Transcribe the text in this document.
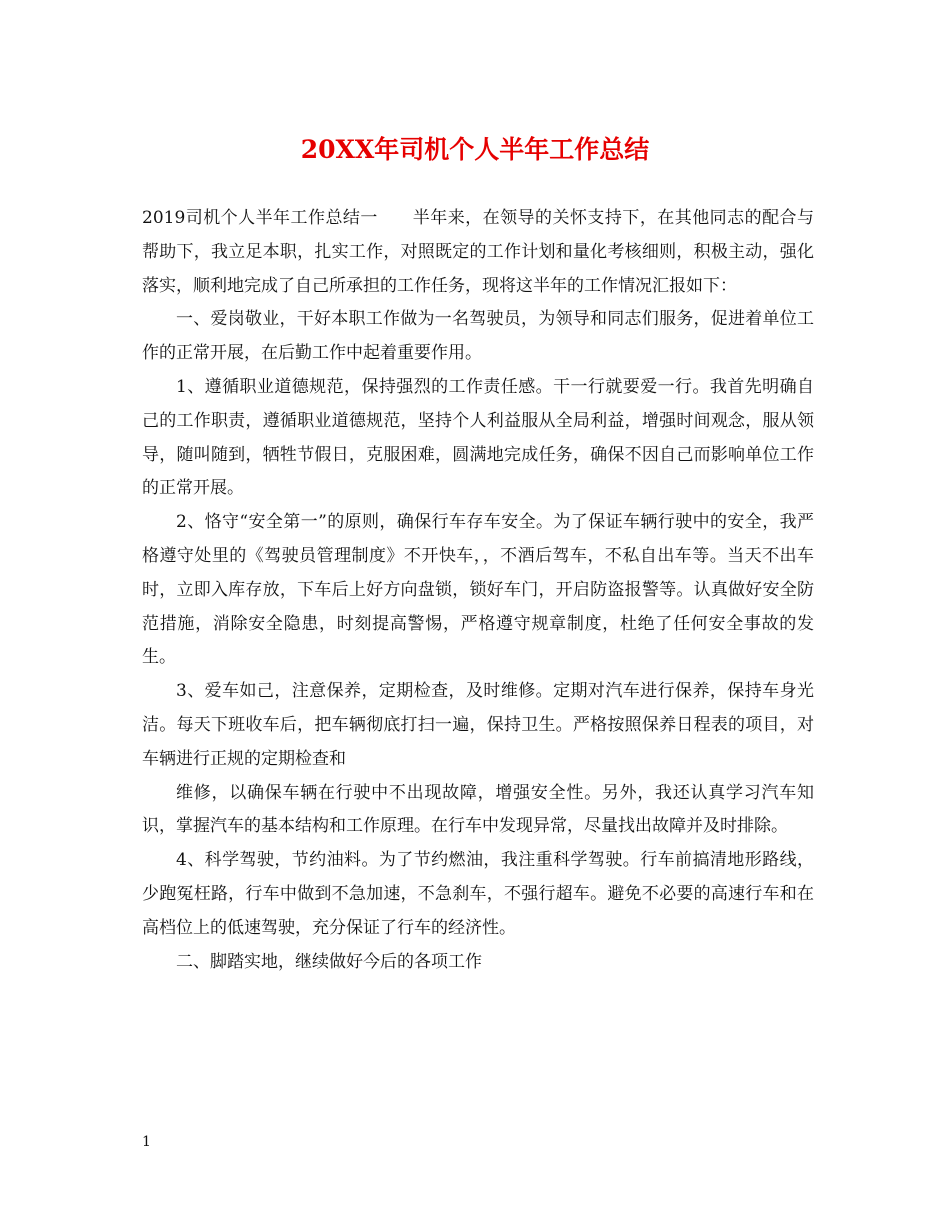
20XX年司机个人半年工作总结

2019司机个人半年工作总结一　　半年来，在领导的关怀支持下，在其他同志的配合与帮助下，我立足本职，扎实工作，对照既定的工作计划和量化考核细则，积极主动，强化落实，顺利地完成了自己所承担的工作任务，现将这半年的工作情况汇报如下：

一、爱岗敬业，干好本职工作做为一名驾驶员，为领导和同志们服务，促进着单位工作的正常开展，在后勤工作中起着重要作用。

1、遵循职业道德规范，保持强烈的工作责任感。干一行就要爱一行。我首先明确自己的工作职责，遵循职业道德规范，坚持个人利益服从全局利益，增强时间观念，服从领导，随叫随到，牺牲节假日，克服困难，圆满地完成任务，确保不因自己而影响单位工作的正常开展。

2、恪守“安全第一”的原则，确保行车存车安全。为了保证车辆行驶中的安全，我严格遵守处里的《驾驶员管理制度》不开快车，，不酒后驾车，不私自出车等。当天不出车时，立即入库存放，下车后上好方向盘锁，锁好车门，开启防盗报警等。认真做好安全防范措施，消除安全隐患，时刻提高警惕，严格遵守规章制度，杜绝了任何安全事故的发生。

3、爱车如己，注意保养，定期检查，及时维修。定期对汽车进行保养，保持车身光洁。每天下班收车后，把车辆彻底打扫一遍，保持卫生。严格按照保养日程表的项目，对车辆进行正规的定期检查和

维修，以确保车辆在行驶中不出现故障，增强安全性。另外，我还认真学习汽车知识，掌握汽车的基本结构和工作原理。在行车中发现异常，尽量找出故障并及时排除。

4、科学驾驶，节约油料。为了节约燃油，我注重科学驾驶。行车前搞清地形路线，少跑冤枉路，行车中做到不急加速，不急刹车，不强行超车。避免不必要的高速行车和在高档位上的低速驾驶，充分保证了行车的经济性。

二、脚踏实地，继续做好今后的各项工作

1
